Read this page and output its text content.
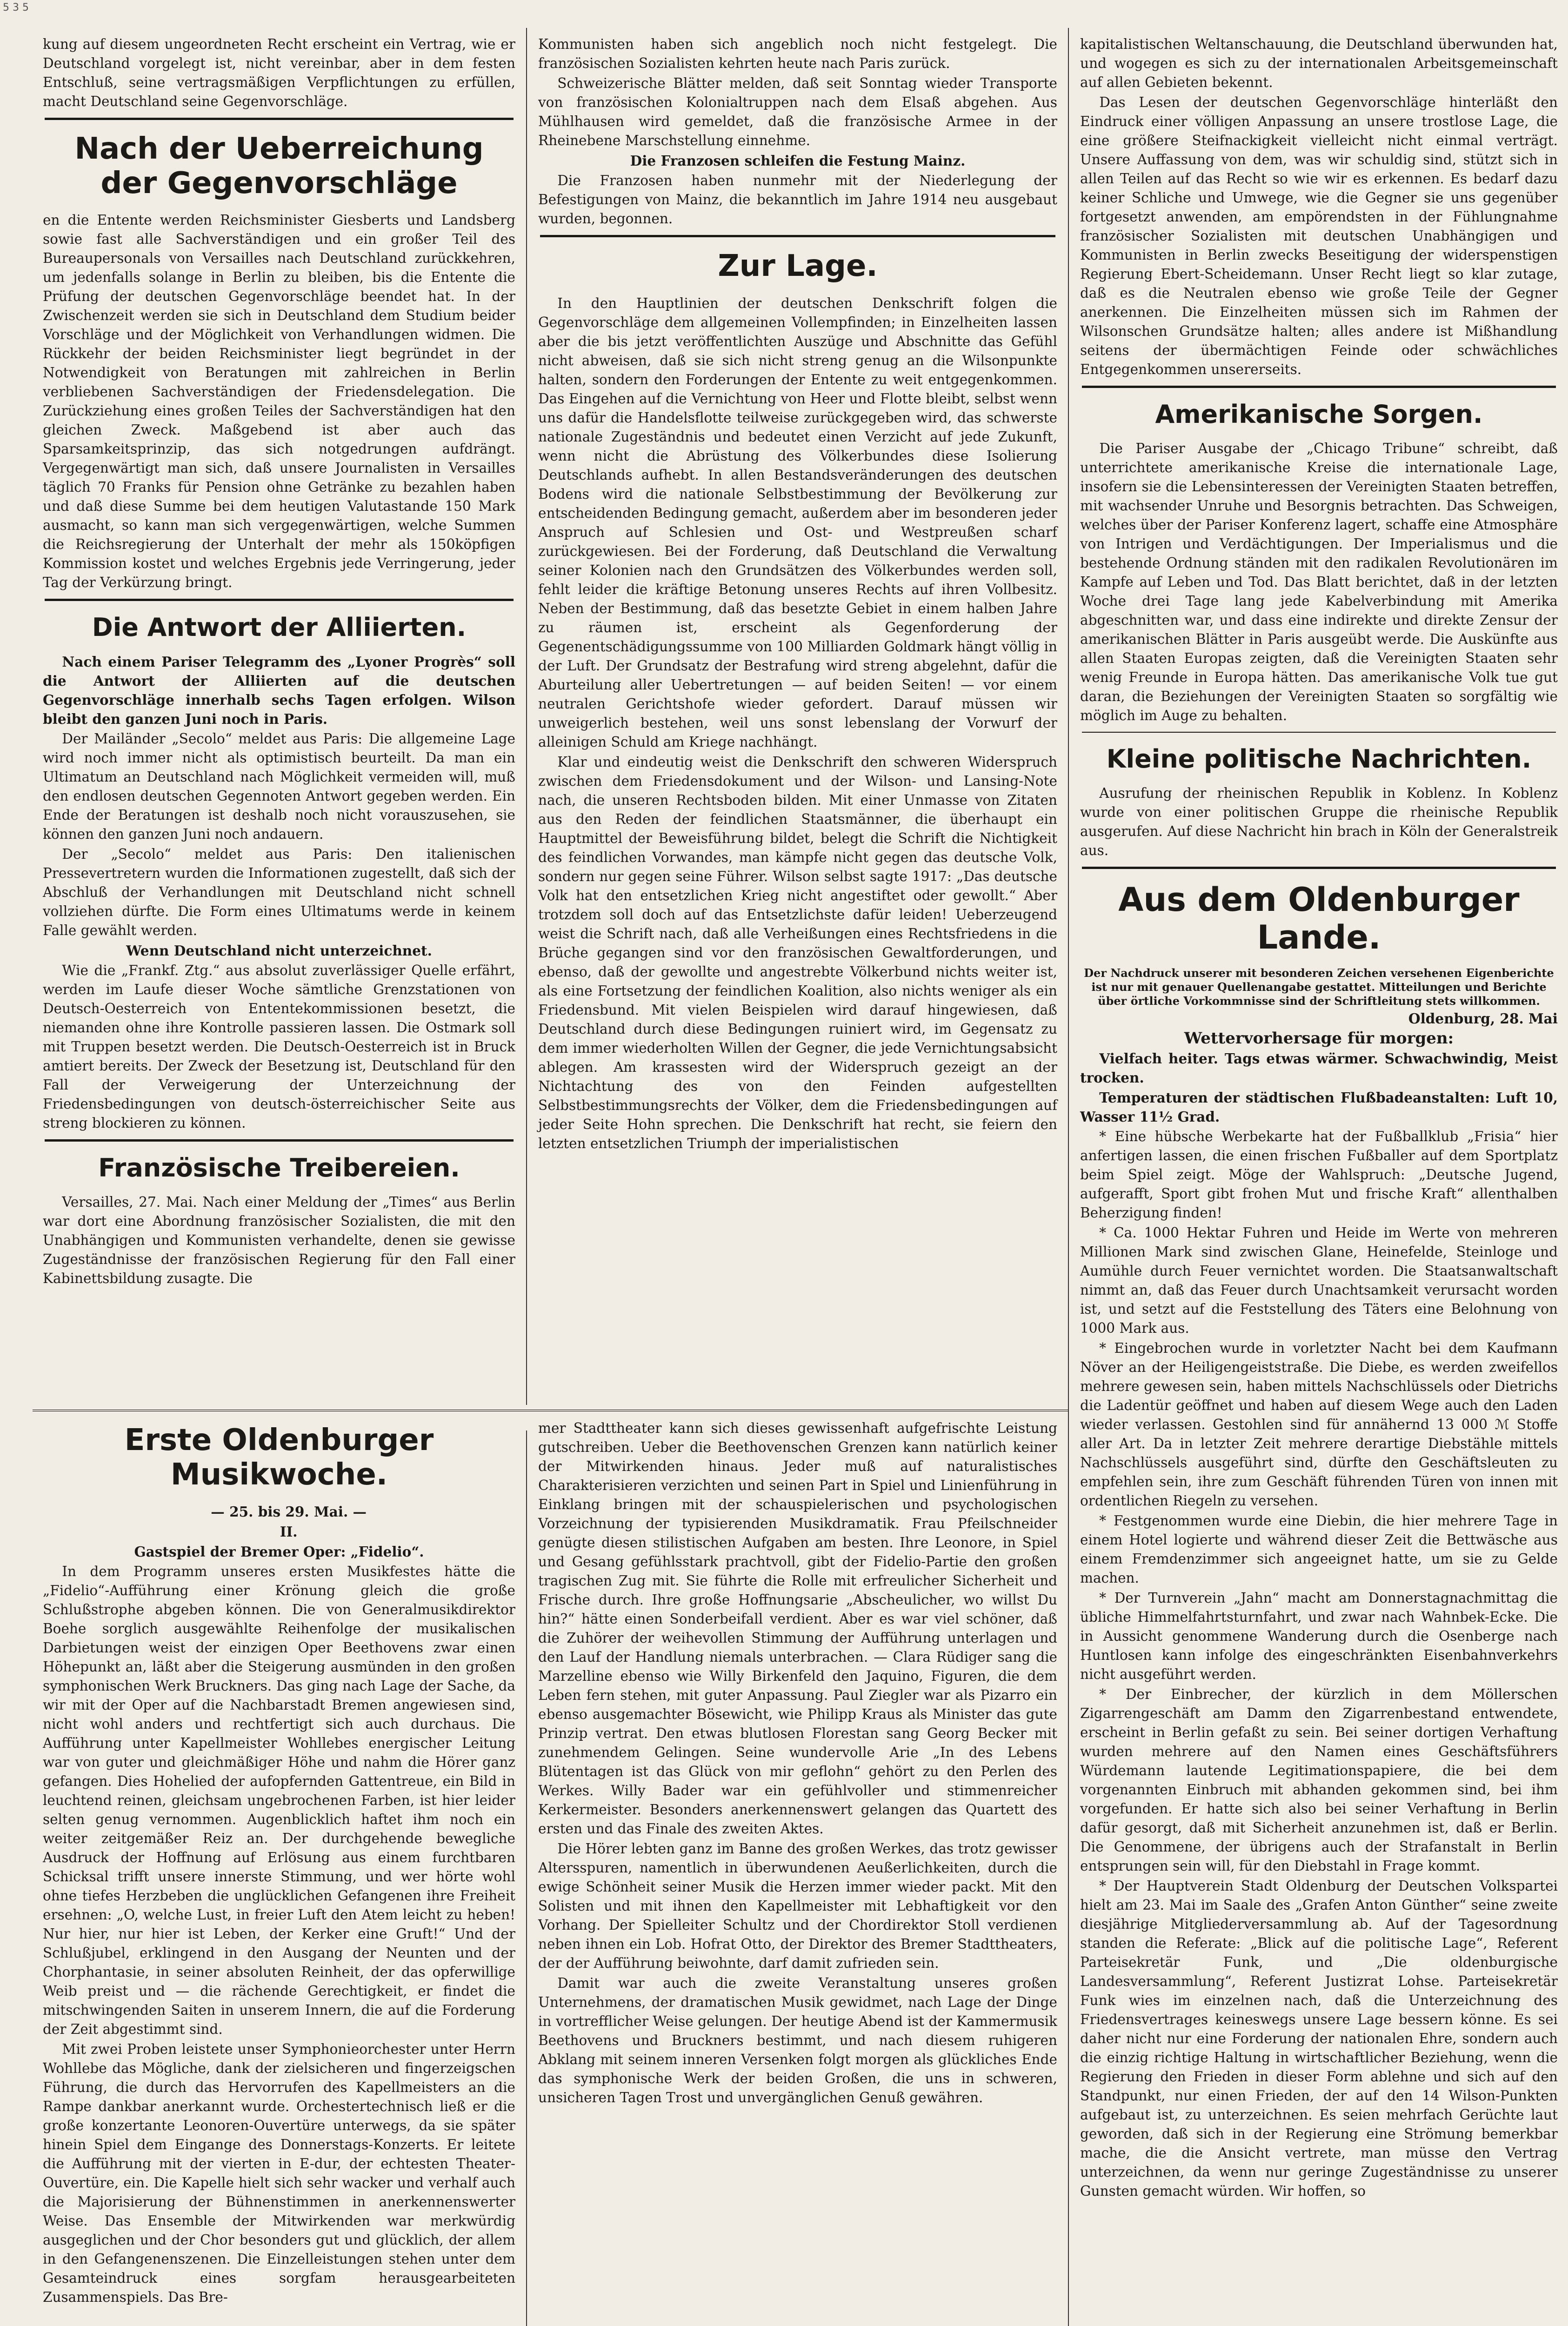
5 3 5

kung auf diesem ungeordneten Recht erscheint ein Vertrag, wie er Deutschland vorgelegt ist, nicht vereinbar, aber in dem festen Entschluß, seine vertragsmäßigen Verpflichtungen zu erfüllen, macht Deutschland seine Gegenvorschläge.

Nach der Ueberreichung der Gegenvorschläge

en die Entente werden Reichsminister Giesberts und Landsberg sowie fast alle Sachverständigen und ein großer Teil des Bureaupersonals von Versailles nach Deutschland zurückkehren, um jedenfalls solange in Berlin zu bleiben, bis die Entente die Prüfung der deutschen Gegenvorschläge beendet hat. In der Zwischenzeit werden sie sich in Deutschland dem Studium beider Vorschläge und der Möglichkeit von Verhandlungen widmen. Die Rückkehr der beiden Reichsminister liegt begründet in der Notwendigkeit von Beratungen mit zahlreichen in Berlin verbliebenen Sachverständigen der Friedensdelegation. Die Zurückziehung eines großen Teiles der Sachverständigen hat den gleichen Zweck. Maßgebend ist aber auch das Sparsamkeitsprinzip, das sich notgedrungen aufdrängt. Vergegenwärtigt man sich, daß unsere Journalisten in Versailles täglich 70 Franks für Pension ohne Getränke zu bezahlen haben und daß diese Summe bei dem heutigen Valutastande 150 Mark ausmacht, so kann man sich vergegenwärtigen, welche Summen die Reichsregierung der Unterhalt der mehr als 150köpfigen Kommission kostet und welches Ergebnis jede Verringerung, jeder Tag der Verkürzung bringt.

Die Antwort der Alliierten.

Nach einem Pariser Telegramm des „Lyoner Progrès“ soll die Antwort der Alliierten auf die deutschen Gegenvorschläge innerhalb sechs Tagen erfolgen. Wilson bleibt den ganzen Juni noch in Paris.

Der Mailänder „Secolo“ meldet aus Paris: Die allgemeine Lage wird noch immer nicht als optimistisch beurteilt. Da man ein Ultimatum an Deutschland nach Möglichkeit vermeiden will, muß den endlosen deutschen Gegennoten Antwort gegeben werden. Ein Ende der Beratungen ist deshalb noch nicht vorauszusehen, sie können den ganzen Juni noch andauern.

Der „Secolo“ meldet aus Paris: Den italienischen Pressevertretern wurden die Informationen zugestellt, daß sich der Abschluß der Verhandlungen mit Deutschland nicht schnell vollziehen dürfte. Die Form eines Ultimatums werde in keinem Falle gewählt werden.

Wenn Deutschland nicht unterzeichnet.

Wie die „Frankf. Ztg.“ aus absolut zuverlässiger Quelle erfährt, werden im Laufe dieser Woche sämtliche Grenzstationen von Deutsch-Oesterreich von Ententekommissionen besetzt, die niemanden ohne ihre Kontrolle passieren lassen. Die Ostmark soll mit Truppen besetzt werden. Die Deutsch-Oesterreich ist in Bruck amtiert bereits. Der Zweck der Besetzung ist, Deutschland für den Fall der Verweigerung der Unterzeichnung der Friedensbedingungen von deutsch-österreichischer Seite aus streng blockieren zu können.

Französische Treibereien.

Versailles, 27. Mai. Nach einer Meldung der „Times“ aus Berlin war dort eine Abordnung französischer Sozialisten, die mit den Unabhängigen und Kommunisten verhandelte, denen sie gewisse Zugeständnisse der französischen Regierung für den Fall einer Kabinettsbildung zusagte. Die

Kommunisten haben sich angeblich noch nicht festgelegt. Die französischen Sozialisten kehrten heute nach Paris zurück.

Schweizerische Blätter melden, daß seit Sonntag wieder Transporte von französischen Kolonialtruppen nach dem Elsaß abgehen. Aus Mühlhausen wird gemeldet, daß die französische Armee in der Rheinebene Marschstellung einnehme.

Die Franzosen schleifen die Festung Mainz.

Die Franzosen haben nunmehr mit der Niederlegung der Befestigungen von Mainz, die bekanntlich im Jahre 1914 neu ausgebaut wurden, begonnen.

Zur Lage.

In den Hauptlinien der deutschen Denkschrift folgen die Gegenvorschläge dem allgemeinen Vollempfinden; in Einzelheiten lassen aber die bis jetzt veröffentlichten Auszüge und Abschnitte das Gefühl nicht abweisen, daß sie sich nicht streng genug an die Wilsonpunkte halten, sondern den Forderungen der Entente zu weit entgegenkommen. Das Eingehen auf die Vernichtung von Heer und Flotte bleibt, selbst wenn uns dafür die Handelsflotte teilweise zurückgegeben wird, das schwerste nationale Zugeständnis und bedeutet einen Verzicht auf jede Zukunft, wenn nicht die Abrüstung des Völkerbundes diese Isolierung Deutschlands aufhebt. In allen Bestandsveränderungen des deutschen Bodens wird die nationale Selbstbestimmung der Bevölkerung zur entscheidenden Bedingung gemacht, außerdem aber im besonderen jeder Anspruch auf Schlesien und Ost- und Westpreußen scharf zurückgewiesen. Bei der Forderung, daß Deutschland die Verwaltung seiner Kolonien nach den Grundsätzen des Völkerbundes werden soll, fehlt leider die kräftige Betonung unseres Rechts auf ihren Vollbesitz. Neben der Bestimmung, daß das besetzte Gebiet in einem halben Jahre zu räumen ist, erscheint als Gegenforderung der Gegenentschädigungssumme von 100 Milliarden Goldmark hängt völlig in der Luft. Der Grundsatz der Bestrafung wird streng abgelehnt, dafür die Aburteilung aller Uebertretungen — auf beiden Seiten! — vor einem neutralen Gerichtshofe wieder gefordert. Darauf müssen wir unweigerlich bestehen, weil uns sonst lebenslang der Vorwurf der alleinigen Schuld am Kriege nachhängt.

Klar und eindeutig weist die Denkschrift den schweren Widerspruch zwischen dem Friedensdokument und der Wilson- und Lansing-Note nach, die unseren Rechtsboden bilden. Mit einer Unmasse von Zitaten aus den Reden der feindlichen Staatsmänner, die überhaupt ein Hauptmittel der Beweisführung bildet, belegt die Schrift die Nichtigkeit des feindlichen Vorwandes, man kämpfe nicht gegen das deutsche Volk, sondern nur gegen seine Führer. Wilson selbst sagte 1917: „Das deutsche Volk hat den entsetzlichen Krieg nicht angestiftet oder gewollt.“ Aber trotzdem soll doch auf das Entsetzlichste dafür leiden! Ueberzeugend weist die Schrift nach, daß alle Verheißungen eines Rechtsfriedens in die Brüche gegangen sind vor den französischen Gewaltforderungen, und ebenso, daß der gewollte und angestrebte Völkerbund nichts weiter ist, als eine Fortsetzung der feindlichen Koalition, also nichts weniger als ein Friedensbund. Mit vielen Beispielen wird darauf hingewiesen, daß Deutschland durch diese Bedingungen ruiniert wird, im Gegensatz zu dem immer wiederholten Willen der Gegner, die jede Vernichtungsabsicht ablegen. Am krassesten wird der Widerspruch gezeigt an der Nichtachtung des von den Feinden aufgestellten Selbstbestimmungsrechts der Völker, dem die Friedensbedingungen auf jeder Seite Hohn sprechen. Die Denkschrift hat recht, sie feiern den letzten entsetzlichen Triumph der imperialistischen

kapitalistischen Weltanschauung, die Deutschland überwunden hat, und wogegen es sich zu der internationalen Arbeitsgemeinschaft auf allen Gebieten bekennt.

Das Lesen der deutschen Gegenvorschläge hinterläßt den Eindruck einer völligen Anpassung an unsere trostlose Lage, die eine größere Steifnackigkeit vielleicht nicht einmal verträgt. Unsere Auffassung von dem, was wir schuldig sind, stützt sich in allen Teilen auf das Recht so wie wir es erkennen. Es bedarf dazu keiner Schliche und Umwege, wie die Gegner sie uns gegenüber fortgesetzt anwenden, am empörendsten in der Fühlungnahme französischer Sozialisten mit deutschen Unabhängigen und Kommunisten in Berlin zwecks Beseitigung der widerspenstigen Regierung Ebert-Scheidemann. Unser Recht liegt so klar zutage, daß es die Neutralen ebenso wie große Teile der Gegner anerkennen. Die Einzelheiten müssen sich im Rahmen der Wilsonschen Grundsätze halten; alles andere ist Mißhandlung seitens der übermächtigen Feinde oder schwächliches Entgegenkommen unsererseits.

Amerikanische Sorgen.

Die Pariser Ausgabe der „Chicago Tribune“ schreibt, daß unterrichtete amerikanische Kreise die internationale Lage, insofern sie die Lebensinteressen der Vereinigten Staaten betreffen, mit wachsender Unruhe und Besorgnis betrachten. Das Schweigen, welches über der Pariser Konferenz lagert, schaffe eine Atmosphäre von Intrigen und Verdächtigungen. Der Imperialismus und die bestehende Ordnung ständen mit den radikalen Revolutionären im Kampfe auf Leben und Tod. Das Blatt berichtet, daß in der letzten Woche drei Tage lang jede Kabelverbindung mit Amerika abgeschnitten war, und dass eine indirekte und direkte Zensur der amerikanischen Blätter in Paris ausgeübt werde. Die Auskünfte aus allen Staaten Europas zeigten, daß die Vereinigten Staaten sehr wenig Freunde in Europa hätten. Das amerikanische Volk tue gut daran, die Beziehungen der Vereinigten Staaten so sorgfältig wie möglich im Auge zu behalten.

Kleine politische Nachrichten.

Ausrufung der rheinischen Republik in Koblenz. In Koblenz wurde von einer politischen Gruppe die rheinische Republik ausgerufen. Auf diese Nachricht hin brach in Köln der Generalstreik aus.

Aus dem Oldenburger Lande.

Der Nachdruck unserer mit besonderen Zeichen versehenen Eigenberichte ist nur mit genauer Quellenangabe gestattet. Mitteilungen und Berichte über örtliche Vorkommnisse sind der Schriftleitung stets willkommen.

Oldenburg, 28. Mai

Wettervorhersage für morgen:

Vielfach heiter. Tags etwas wärmer. Schwachwindig, Meist trocken.

Temperaturen der städtischen Flußbadeanstalten: Luft 10, Wasser 11½ Grad.

* Eine hübsche Werbekarte hat der Fußballklub „Frisia“ hier anfertigen lassen, die einen frischen Fußballer auf dem Sportplatz beim Spiel zeigt. Möge der Wahlspruch: „Deutsche Jugend, aufgerafft, Sport gibt frohen Mut und frische Kraft“ allenthalben Beherzigung finden!

* Ca. 1000 Hektar Fuhren und Heide im Werte von mehreren Millionen Mark sind zwischen Glane, Heinefelde, Steinloge und Aumühle durch Feuer vernichtet worden. Die Staatsanwaltschaft nimmt an, daß das Feuer durch Unachtsamkeit verursacht worden ist, und setzt auf die Feststellung des Täters eine Belohnung von 1000 Mark aus.

* Eingebrochen wurde in vorletzter Nacht bei dem Kaufmann Növer an der Heiligengeiststraße. Die Diebe, es werden zweifellos mehrere gewesen sein, haben mittels Nachschlüssels oder Dietrichs die Ladentür geöffnet und haben auf diesem Wege auch den Laden wieder verlassen. Gestohlen sind für annähernd 13 000 ℳ Stoffe aller Art. Da in letzter Zeit mehrere derartige Diebstähle mittels Nachschlüssels ausgeführt sind, dürfte den Geschäftsleuten zu empfehlen sein, ihre zum Geschäft führenden Türen von innen mit ordentlichen Riegeln zu versehen.

* Festgenommen wurde eine Diebin, die hier mehrere Tage in einem Hotel logierte und während dieser Zeit die Bettwäsche aus einem Fremdenzimmer sich angeeignet hatte, um sie zu Gelde machen.

* Der Turnverein „Jahn“ macht am Donnerstagnachmittag die übliche Himmelfahrtsturnfahrt, und zwar nach Wahnbek-Ecke. Die in Aussicht genommene Wanderung durch die Osenberge nach Huntlosen kann infolge des eingeschränkten Eisenbahnverkehrs nicht ausgeführt werden.

* Der Einbrecher, der kürzlich in dem Möllerschen Zigarrengeschäft am Damm den Zigarrenbestand entwendete, erscheint in Berlin gefaßt zu sein. Bei seiner dortigen Verhaftung wurden mehrere auf den Namen eines Geschäftsführers Würdemann lautende Legitimationspapiere, die bei dem vorgenannten Einbruch mit abhanden gekommen sind, bei ihm vorgefunden. Er hatte sich also bei seiner Verhaftung in Berlin dafür gesorgt, daß mit Sicherheit anzunehmen ist, daß er Berlin. Die Genommene, der übrigens auch der Strafanstalt in Berlin entsprungen sein will, für den Diebstahl in Frage kommt.

* Der Hauptverein Stadt Oldenburg der Deutschen Volkspartei hielt am 23. Mai im Saale des „Grafen Anton Günther“ seine zweite diesjährige Mitgliederversammlung ab. Auf der Tagesordnung standen die Referate: „Blick auf die politische Lage“, Referent Parteisekretär Funk, und „Die oldenburgische Landesversammlung“, Referent Justizrat Lohse. Parteisekretär Funk wies im einzelnen nach, daß die Unterzeichnung des Friedensvertrages keineswegs unsere Lage bessern könne. Es sei daher nicht nur eine Forderung der nationalen Ehre, sondern auch die einzig richtige Haltung in wirtschaftlicher Beziehung, wenn die Regierung den Frieden in dieser Form ablehne und sich auf den Standpunkt, nur einen Frieden, der auf den 14 Wilson-Punkten aufgebaut ist, zu unterzeichnen. Es seien mehrfach Gerüchte laut geworden, daß sich in der Regierung eine Strömung bemerkbar mache, die die Ansicht vertrete, man müsse den Vertrag unterzeichnen, da wenn nur geringe Zugeständnisse zu unserer Gunsten gemacht würden. Wir hoffen, so

Erste Oldenburger Musikwoche.

— 25. bis 29. Mai. —

II.

Gastspiel der Bremer Oper: „Fidelio“.

In dem Programm unseres ersten Musikfestes hätte die „Fidelio“-Aufführung einer Krönung gleich die große Schlußstrophe abgeben können. Die von Generalmusikdirektor Boehe sorglich ausgewählte Reihenfolge der musikalischen Darbietungen weist der einzigen Oper Beethovens zwar einen Höhepunkt an, läßt aber die Steigerung ausmünden in den großen symphonischen Werk Bruckners. Das ging nach Lage der Sache, da wir mit der Oper auf die Nachbarstadt Bremen angewiesen sind, nicht wohl anders und rechtfertigt sich auch durchaus. Die Aufführung unter Kapellmeister Wohllebes energischer Leitung war von guter und gleichmäßiger Höhe und nahm die Hörer ganz gefangen. Dies Hohelied der aufopfernden Gattentreue, ein Bild in leuchtend reinen, gleichsam ungebrochenen Farben, ist hier leider selten genug vernommen. Augenblicklich haftet ihm noch ein weiter zeitgemäßer Reiz an. Der durchgehende bewegliche Ausdruck der Hoffnung auf Erlösung aus einem furchtbaren Schicksal trifft unsere innerste Stimmung, und wer hörte wohl ohne tiefes Herzbeben die unglücklichen Gefangenen ihre Freiheit ersehnen: „O, welche Lust, in freier Luft den Atem leicht zu heben! Nur hier, nur hier ist Leben, der Kerker eine Gruft!“ Und der Schlußjubel, erklingend in den Ausgang der Neunten und der Chorphantasie, in seiner absoluten Reinheit, der das opferwillige Weib preist und — die rächende Gerechtigkeit, er findet die mitschwingenden Saiten in unserem Innern, die auf die Forderung der Zeit abgestimmt sind.

Mit zwei Proben leistete unser Symphonieorchester unter Herrn Wohllebe das Mögliche, dank der zielsicheren und fingerzeigschen Führung, die durch das Hervorrufen des Kapellmeisters an die Rampe dankbar anerkannt wurde. Orchestertechnisch ließ er die große konzertante Leonoren-Ouvertüre unterwegs, da sie später hinein Spiel dem Eingange des Donnerstags-Konzerts. Er leitete die Aufführung mit der vierten in E-dur, der echtesten Theater-Ouvertüre, ein. Die Kapelle hielt sich sehr wacker und verhalf auch die Majorisierung der Bühnenstimmen in anerkennenswerter Weise. Das Ensemble der Mitwirkenden war merkwürdig ausgeglichen und der Chor besonders gut und glücklich, der allem in den Gefangenenszenen. Die Einzelleistungen stehen unter dem Gesamteindruck eines sorgfam herausgearbeiteten Zusammenspiels. Das Bre-

mer Stadttheater kann sich dieses gewissenhaft aufgefrischte Leistung gutschreiben. Ueber die Beethovenschen Grenzen kann natürlich keiner der Mitwirkenden hinaus. Jeder muß auf naturalistisches Charakterisieren verzichten und seinen Part in Spiel und Linienführung in Einklang bringen mit der schauspielerischen und psychologischen Vorzeichnung der typisierenden Musikdramatik. Frau Pfeilschneider genügte diesen stilistischen Aufgaben am besten. Ihre Leonore, in Spiel und Gesang gefühlsstark prachtvoll, gibt der Fidelio-Partie den großen tragischen Zug mit. Sie führte die Rolle mit erfreulicher Sicherheit und Frische durch. Ihre große Hoffnungsarie „Abscheulicher, wo willst Du hin?“ hätte einen Sonderbeifall verdient. Aber es war viel schöner, daß die Zuhörer der weihevollen Stimmung der Aufführung unterlagen und den Lauf der Handlung niemals unterbrachen. — Clara Rüdiger sang die Marzelline ebenso wie Willy Birkenfeld den Jaquino, Figuren, die dem Leben fern stehen, mit guter Anpassung. Paul Ziegler war als Pizarro ein ebenso ausgemachter Bösewicht, wie Philipp Kraus als Minister das gute Prinzip vertrat. Den etwas blutlosen Florestan sang Georg Becker mit zunehmendem Gelingen. Seine wundervolle Arie „In des Lebens Blütentagen ist das Glück von mir geflohn“ gehört zu den Perlen des Werkes. Willy Bader war ein gefühlvoller und stimmenreicher Kerkermeister. Besonders anerkennenswert gelangen das Quartett des ersten und das Finale des zweiten Aktes.

Die Hörer lebten ganz im Banne des großen Werkes, das trotz gewisser Altersspuren, namentlich in überwundenen Aeußerlichkeiten, durch die ewige Schönheit seiner Musik die Herzen immer wieder packt. Mit den Solisten und mit ihnen den Kapellmeister mit Lebhaftigkeit vor den Vorhang. Der Spielleiter Schultz und der Chordirektor Stoll verdienen neben ihnen ein Lob. Hofrat Otto, der Direktor des Bremer Stadttheaters, der der Aufführung beiwohnte, darf damit zufrieden sein.

Damit war auch die zweite Veranstaltung unseres großen Unternehmens, der dramatischen Musik gewidmet, nach Lage der Dinge in vortrefflicher Weise gelungen. Der heutige Abend ist der Kammermusik Beethovens und Bruckners bestimmt, und nach diesem ruhigeren Abklang mit seinem inneren Versenken folgt morgen als glückliches Ende das symphonische Werk der beiden Großen, die uns in schweren, unsicheren Tagen Trost und unvergänglichen Genuß gewähren.
